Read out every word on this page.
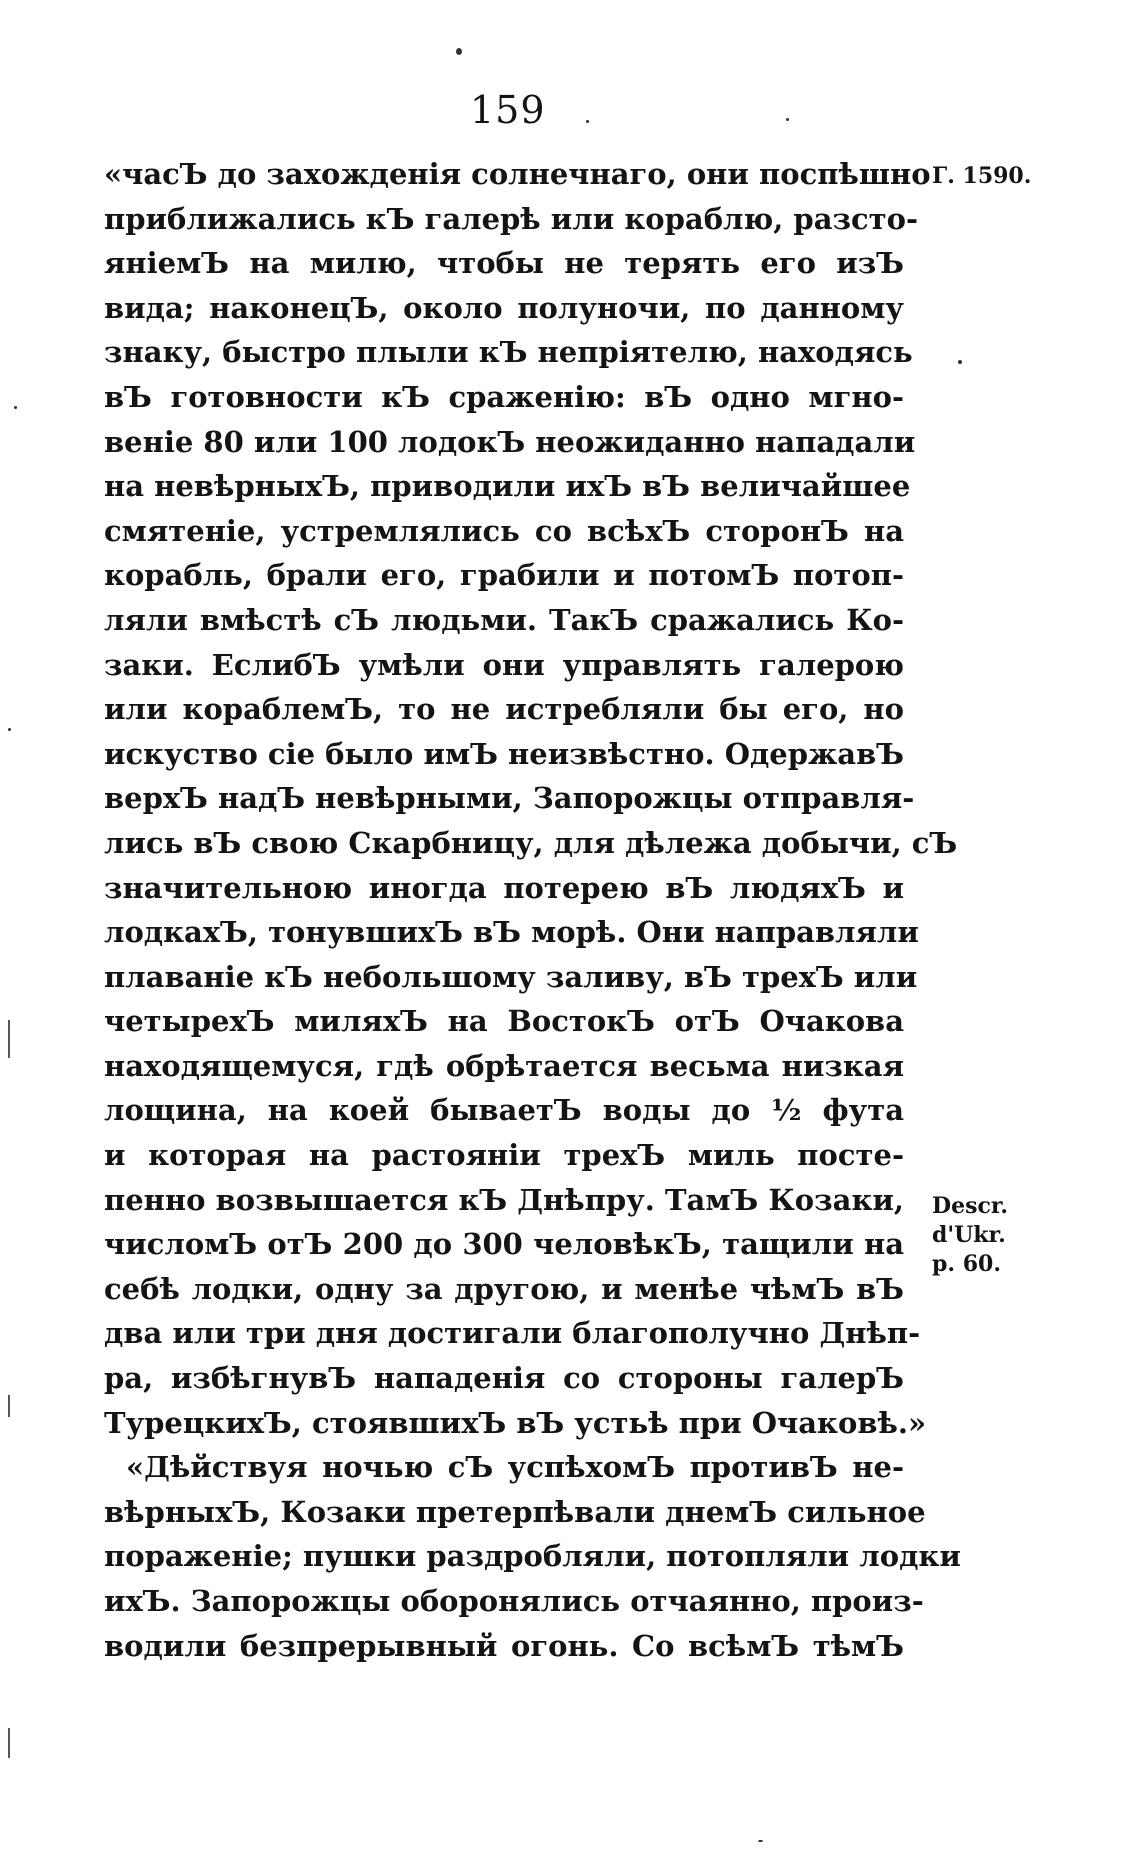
159
«часЪ до захожденія солнечнаго, они поспѣшно
приближались кЪ галерѣ или кораблю, разсто-
яніемЪ на милю, чтобы не терять его изЪ
вида; наконецЪ, около полуночи, по данному
знаку, быстро плыли кЪ непріятелю, находясь
вЪ готовности кЪ сраженію: вЪ одно мгно-
веніе 80 или 100 лодокЪ неожиданно нападали
на невѣрныхЪ, приводили ихЪ вЪ величайшее
смятеніе, устремлялись со всѣхЪ сторонЪ на
корабль, брали его, грабили и потомЪ потоп-
ляли вмѣстѣ сЪ людьми. ТакЪ сражались Ко-
заки. ЕслибЪ умѣли они управлять галерою
или кораблемЪ, то не истребляли бы его, но
искуство сіе было имЪ неизвѣстно. ОдержавЪ
верхЪ надЪ невѣрными, Запорожцы отправля-
лись вЪ свою Скарбницу, для дѣлежа добычи, сЪ
значительною иногда потерею вЪ людяхЪ и
лодкахЪ, тонувшихЪ вЪ морѣ. Они направляли
плаваніе кЪ небольшому заливу, вЪ трехЪ или
четырехЪ миляхЪ на ВостокЪ отЪ Очакова
находящемуся, гдѣ обрѣтается весьма низкая
лощина, на коей бываетЪ воды до ½ фута
и которая на растояніи трехЪ миль посте-
пенно возвышается кЪ Днѣпру. ТамЪ Козаки,
числомЪ отЪ 200 до 300 человѣкЪ, тащили на
себѣ лодки, одну за другою, и менѣе чѣмЪ вЪ
два или три дня достигали благополучно Днѣп-
ра, избѣгнувЪ нападенія со стороны галерЪ
ТурецкихЪ, стоявшихЪ вЪ устьѣ при Очаковѣ.»
«Дѣйствуя ночью сЪ успѣхомЪ противЪ не-
вѣрныхЪ, Козаки претерпѣвали днемЪ сильное
пораженіе; пушки раздробляли, потопляли лодки
ихЪ. Запорожцы оборонялись отчаянно, произ-
водили безпрерывный огонь. Со всѣмЪ тѣмЪ
Г. 1590.
Descr.
d'Ukr.
p. 60.
